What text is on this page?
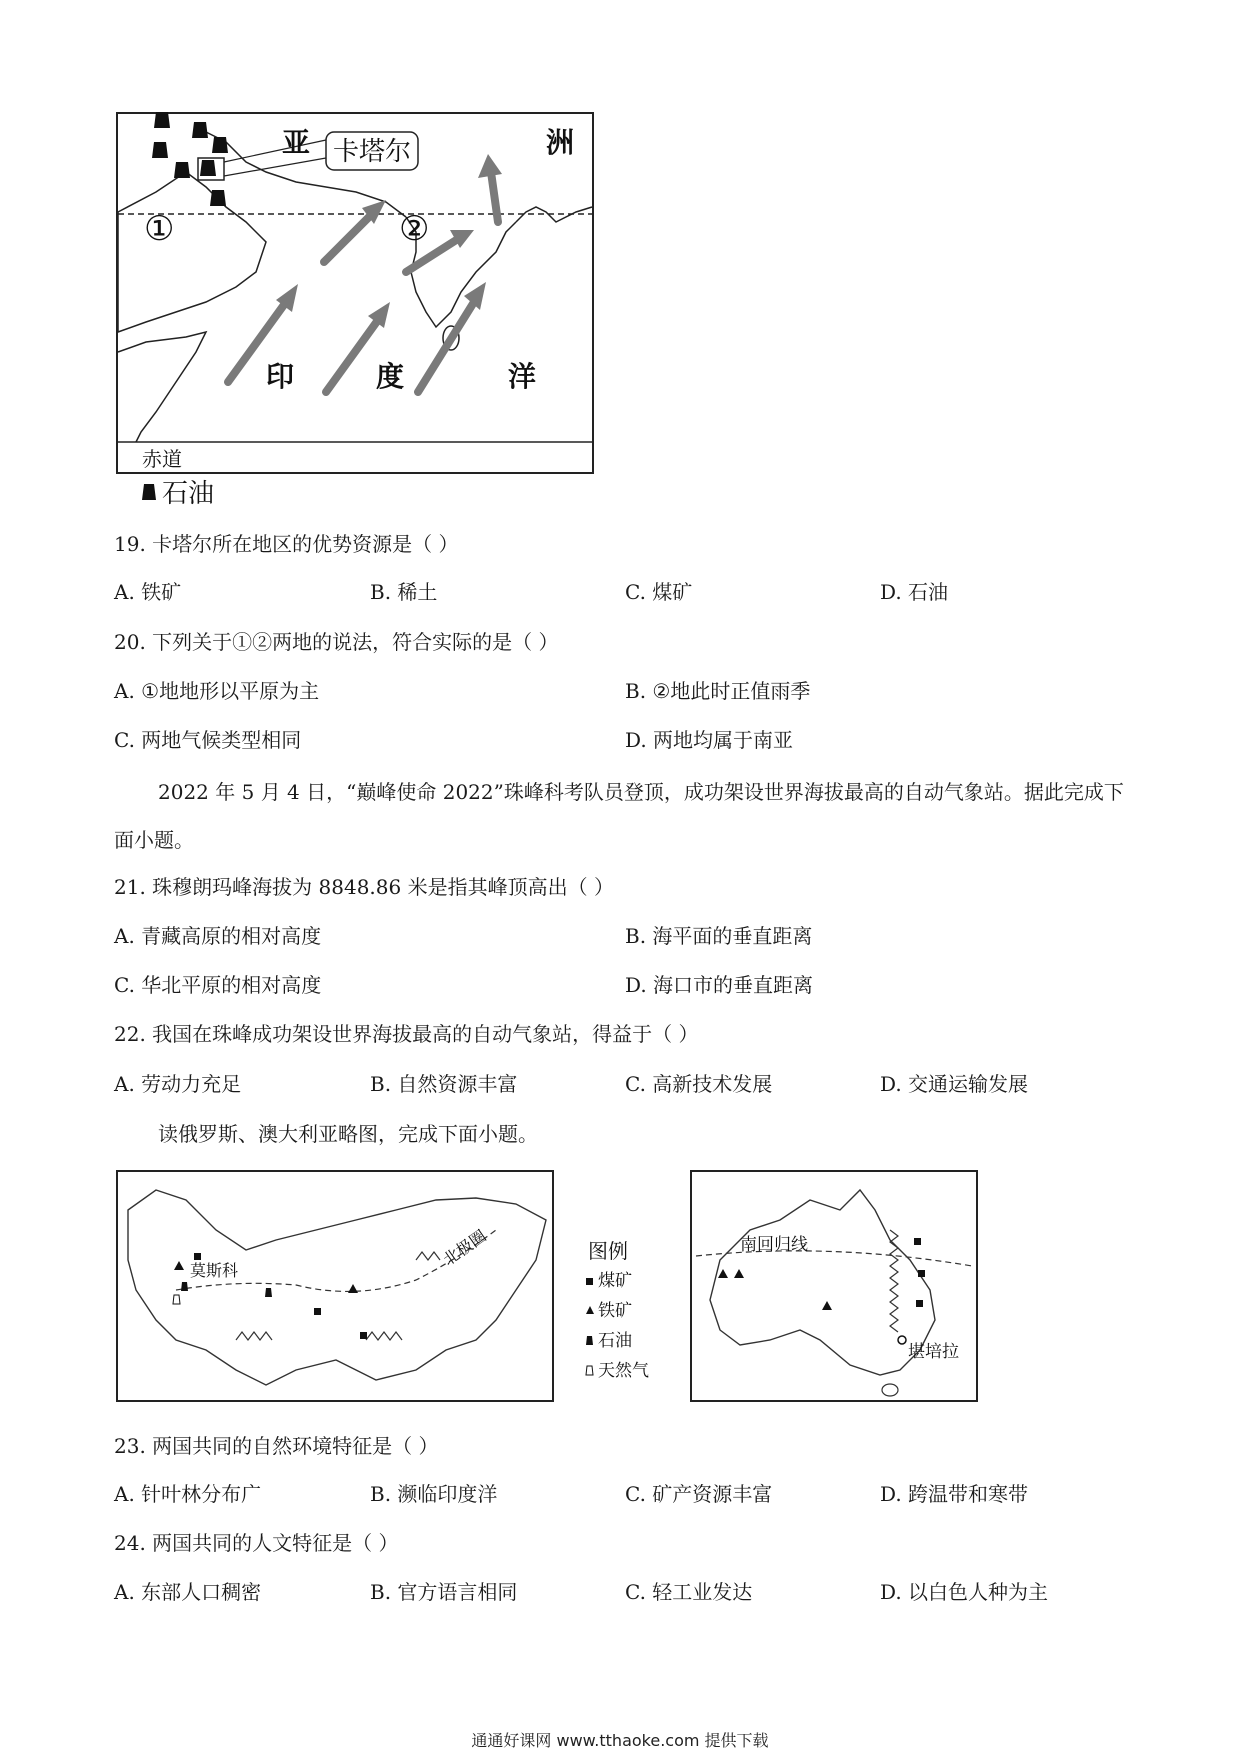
卡塔尔
亚	洲
①	②
印	度	洋
赤道
石油
19. 卡塔尔所在地区的优势资源是（ ）
A. 铁矿	B. 稀土	C. 煤矿	D. 石油
20. 下列关于①②两地的说法，符合实际的是（ ）
A. ①地地形以平原为主	B. ②地此时正值雨季
C. 两地气候类型相同	D. 两地均属于南亚
2022 年 5 月 4 日，“巅峰使命 2022”珠峰科考队员登顶，成功架设世界海拔最高的自动气象站。据此完成下面小题。
21. 珠穆朗玛峰海拔为 8848.86 米是指其峰顶高出（ ）
A. 青藏高原的相对高度	B. 海平面的垂直距离
C. 华北平原的相对高度	D. 海口市的垂直距离
22. 我国在珠峰成功架设世界海拔最高的自动气象站，得益于（ ）
A. 劳动力充足	B. 自然资源丰富	C. 高新技术发展	D. 交通运输发展
读俄罗斯、澳大利亚略图，完成下面小题。
莫斯科
北极圈	图例
煤矿
铁矿
石油
天然气
南回归线
堪培拉
23. 两国共同的自然环境特征是（ ）
A. 针叶林分布广	B. 濒临印度洋	C. 矿产资源丰富	D. 跨温带和寒带
24. 两国共同的人文特征是（ ）
A. 东部人口稠密	B. 官方语言相同	C. 轻工业发达	D. 以白色人种为主
通通好课网 www.tthaoke.com 提供下载
